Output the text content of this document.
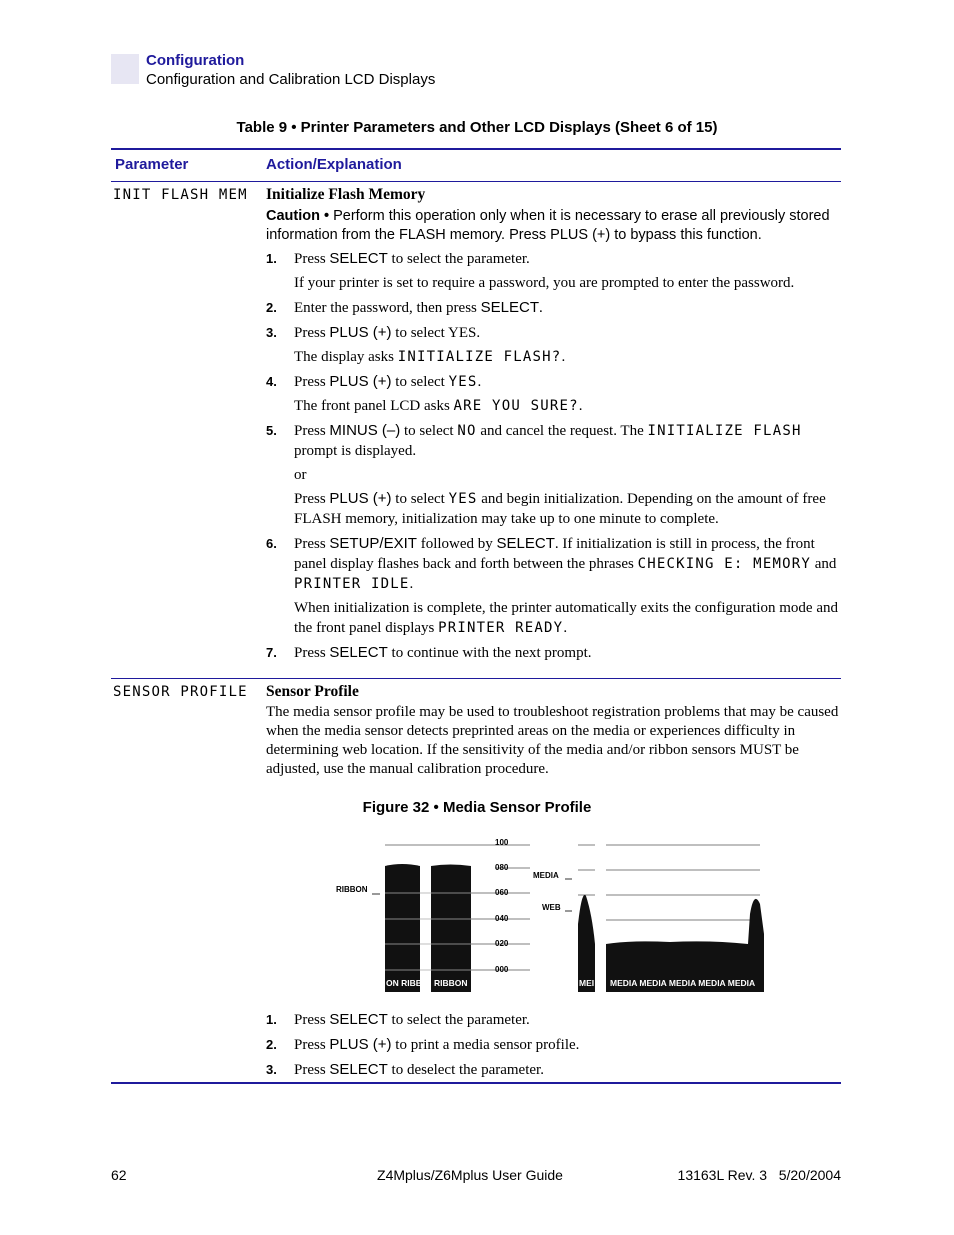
Configuration
Configuration and Calibration LCD Displays
Table 9 • Printer Parameters and Other LCD Displays (Sheet 6 of 15)
Parameter	Action/Explanation
INIT FLASH MEM Initialize Flash Memory

Caution • Perform this operation only when it is necessary to erase all previously stored information from the FLASH memory. Press PLUS (+) to bypass this function.

1. Press SELECT to select the parameter.
If your printer is set to require a password, you are prompted to enter the password.
2. Enter the password, then press SELECT.
3. Press PLUS (+) to select YES.
The display asks INITIALIZE FLASH?.
4. Press PLUS (+) to select YES.
The front panel LCD asks ARE YOU SURE?.
5. Press MINUS (–) to select NO and cancel the request. The INITIALIZE FLASH prompt is displayed.
or
Press PLUS (+) to select YES and begin initialization. Depending on the amount of free FLASH memory, initialization may take up to one minute to complete.
6. Press SETUP/EXIT followed by SELECT. If initialization is still in process, the front panel display flashes back and forth between the phrases CHECKING E: MEMORY and PRINTER IDLE.
When initialization is complete, the printer automatically exits the configuration mode and the front panel displays PRINTER READY.
7. Press SELECT to continue with the next prompt.
SENSOR PROFILE Sensor Profile

The media sensor profile may be used to troubleshoot registration problems that may be caused when the media sensor detects preprinted areas on the media or experiences difficulty in determining web location. If the sensitivity of the media and/or ribbon sensors MUST be adjusted, use the manual calibration procedure.

Figure 32 • Media Sensor Profile
100
080
060
040
020
000
RIBBON
ON RIBB RIBBON
MEDIA
WEB
MEI MEDIA MEDIA MEDIA MEDIA MEDIA
1. Press SELECT to select the parameter.
2. Press PLUS (+) to print a media sensor profile.
3. Press SELECT to deselect the parameter.
62	Z4Mplus/Z6Mplus User Guide	13163L Rev. 3   5/20/2004
